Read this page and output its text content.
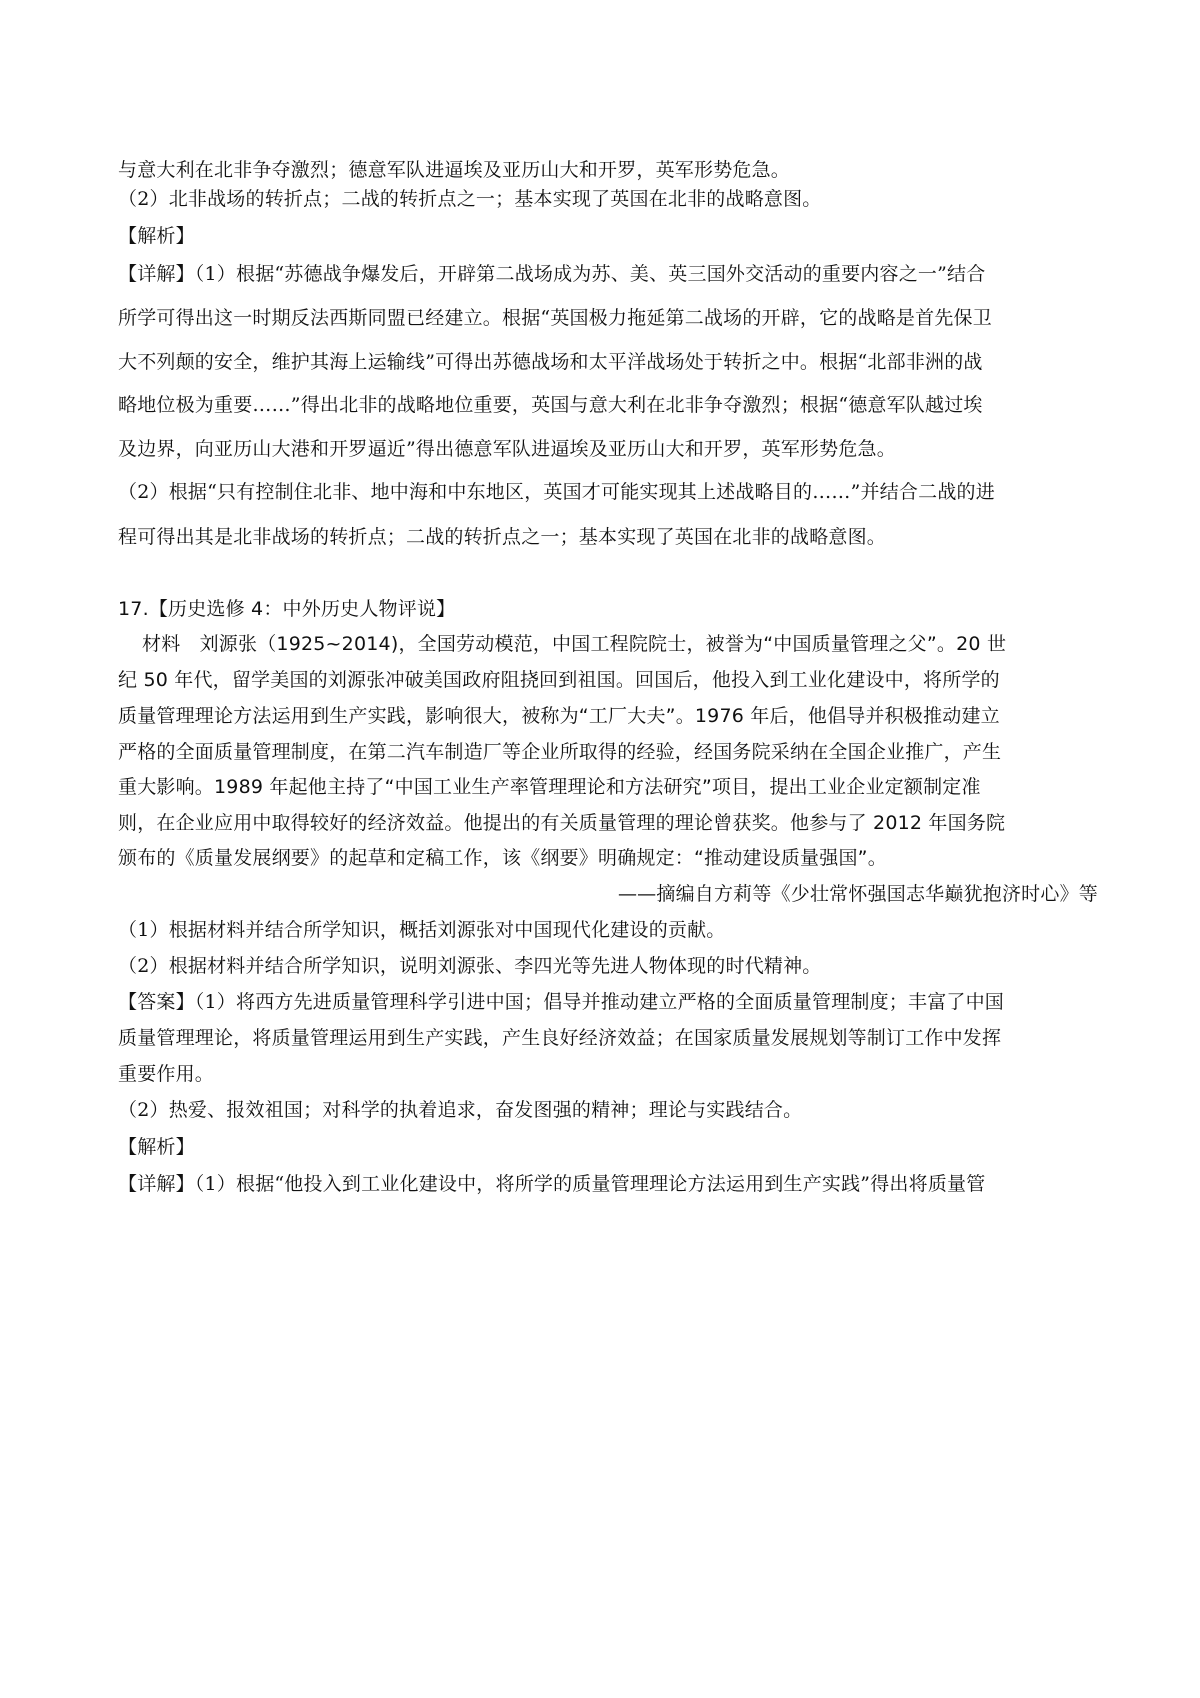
与意大利在北非争夺激烈；德意军队进逼埃及亚历山大和开罗，英军形势危急。
（2）北非战场的转折点；二战的转折点之一；基本实现了英国在北非的战略意图。
【解析】
【详解】（1）根据“苏德战争爆发后，开辟第二战场成为苏、美、英三国外交活动的重要内容之一”结合
所学可得出这一时期反法西斯同盟已经建立。根据“英国极力拖延第二战场的开辟，它的战略是首先保卫
大不列颠的安全，维护其海上运输线”可得出苏德战场和太平洋战场处于转折之中。根据“北部非洲的战
略地位极为重要……”得出北非的战略地位重要，英国与意大利在北非争夺激烈；根据“德意军队越过埃
及边界，向亚历山大港和开罗逼近”得出德意军队进逼埃及亚历山大和开罗，英军形势危急。
（2）根据“只有控制住北非、地中海和中东地区，英国才可能实现其上述战略目的……”并结合二战的进
程可得出其是北非战场的转折点；二战的转折点之一；基本实现了英国在北非的战略意图。
17.【历史选修 4：中外历史人物评说】
材料　刘源张（1925~2014)，全国劳动模范，中国工程院院士，被誉为“中国质量管理之父”。20 世
纪 50 年代，留学美国的刘源张冲破美国政府阻挠回到祖国。回国后，他投入到工业化建设中，将所学的
质量管理理论方法运用到生产实践，影响很大，被称为“工厂大夫”。1976 年后，他倡导并积极推动建立
严格的全面质量管理制度，在第二汽车制造厂等企业所取得的经验，经国务院采纳在全国企业推广，产生
重大影响。1989 年起他主持了“中国工业生产率管理理论和方法研究”项目，提出工业企业定额制定准
则，在企业应用中取得较好的经济效益。他提出的有关质量管理的理论曾获奖。他参与了 2012 年国务院
颁布的《质量发展纲要》的起草和定稿工作，该《纲要》明确规定：“推动建设质量强国”。
——摘编自方莉等《少壮常怀强国志华巅犹抱济时心》等
（1）根据材料并结合所学知识，概括刘源张对中国现代化建设的贡献。
（2）根据材料并结合所学知识，说明刘源张、李四光等先进人物体现的时代精神。
【答案】（1）将西方先进质量管理科学引进中国；倡导并推动建立严格的全面质量管理制度；丰富了中国
质量管理理论，将质量管理运用到生产实践，产生良好经济效益；在国家质量发展规划等制订工作中发挥
重要作用。
（2）热爱、报效祖国；对科学的执着追求，奋发图强的精神；理论与实践结合。
【解析】
【详解】（1）根据“他投入到工业化建设中，将所学的质量管理理论方法运用到生产实践”得出将质量管
